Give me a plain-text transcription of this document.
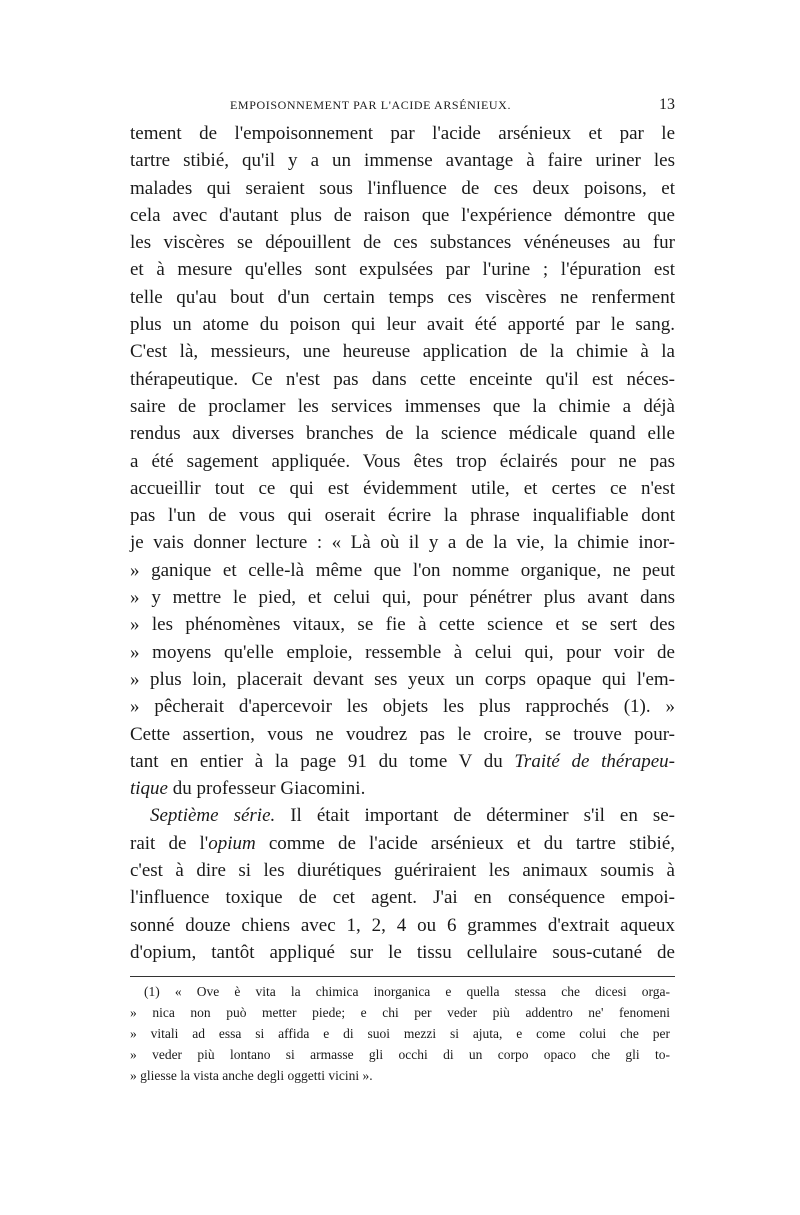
EMPOISONNEMENT PAR L'ACIDE ARSÉNIEUX.	13
tement de l'empoisonnement par l'acide arsénieux et par le
tartre stibié, qu'il y a un immense avantage à faire uriner les
malades qui seraient sous l'influence de ces deux poisons, et
cela avec d'autant plus de raison que l'expérience démontre que
les viscères se dépouillent de ces substances vénéneuses au fur
et à mesure qu'elles sont expulsées par l'urine ; l'épuration est
telle qu'au bout d'un certain temps ces viscères ne renferment
plus un atome du poison qui leur avait été apporté par le sang.
C'est là, messieurs, une heureuse application de la chimie à la
thérapeutique. Ce n'est pas dans cette enceinte qu'il est néces-
saire de proclamer les services immenses que la chimie a déjà
rendus aux diverses branches de la science médicale quand elle
a été sagement appliquée. Vous êtes trop éclairés pour ne pas
accueillir tout ce qui est évidemment utile, et certes ce n'est
pas l'un de vous qui oserait écrire la phrase inqualifiable dont
je vais donner lecture : « Là où il y a de la vie, la chimie inor-
» ganique et celle-là même que l'on nomme organique, ne peut
» y mettre le pied, et celui qui, pour pénétrer plus avant dans
» les phénomènes vitaux, se fie à cette science et se sert des
» moyens qu'elle emploie, ressemble à celui qui, pour voir de
» plus loin, placerait devant ses yeux un corps opaque qui l'em-
» pêcherait d'apercevoir les objets les plus rapprochés (1). »
Cette assertion, vous ne voudrez pas le croire, se trouve pour-
tant en entier à la page 91 du tome V du Traité de thérapeu-
tique du professeur Giacomini.
Septième série. Il était important de déterminer s'il en se-
rait de l'opium comme de l'acide arsénieux et du tartre stibié,
c'est à dire si les diurétiques guériraient les animaux soumis à
l'influence toxique de cet agent. J'ai en conséquence empoi-
sonné douze chiens avec 1, 2, 4 ou 6 grammes d'extrait aqueux
d'opium, tantôt appliqué sur le tissu cellulaire sous-cutané de
(1) « Ove è vita la chimica inorganica e quella stessa che dicesi orga-
» nica non può metter piede; e chi per veder più addentro ne' fenomeni
» vitali ad essa si affida e di suoi mezzi si ajuta, e come colui che per
» veder più lontano si armasse gli occhi di un corpo opaco che gli to-
» gliesse la vista anche degli oggetti vicini ».
